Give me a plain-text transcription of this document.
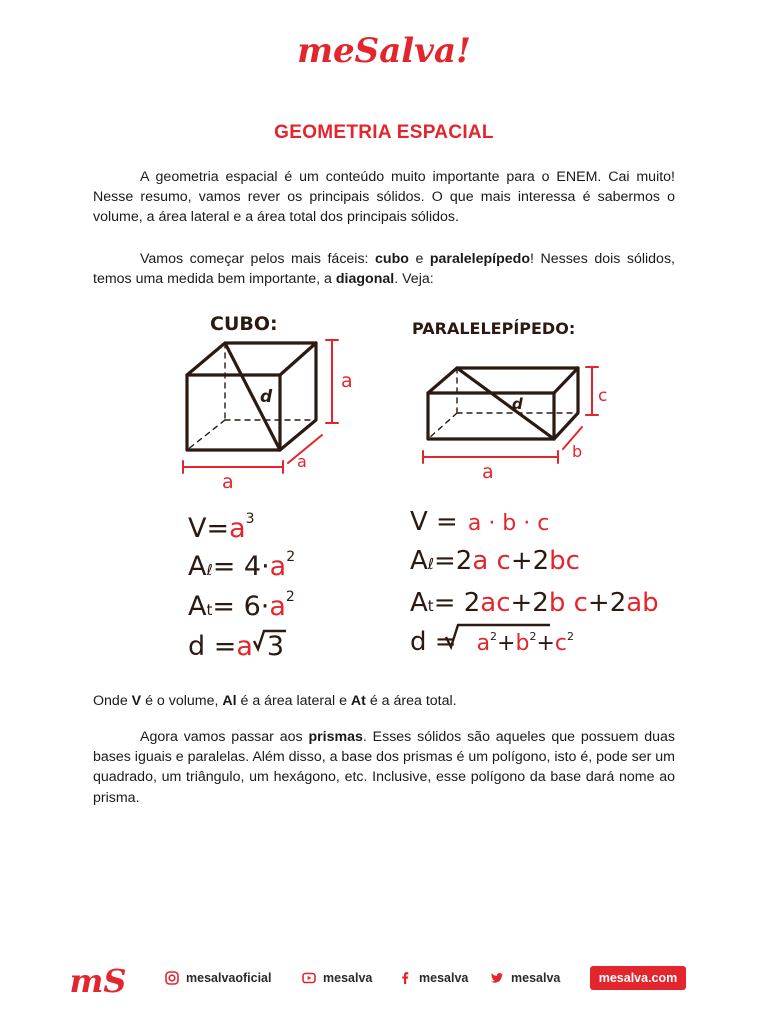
meSalva!
GEOMETRIA ESPACIAL

A geometria espacial é um conteúdo muito importante para o ENEM. Cai muito! Nesse resumo, vamos rever os principais sólidos. O que mais interessa é sabermos o volume, a área lateral e a área total dos principais sólidos.

Vamos começar pelos mais fáceis: cubo e paralelepípedo! Nesses dois sólidos, temos uma medida bem importante, a diagonal. Veja:

CUBO:	PARALELEPÍPEDO:
d
a
a
a
d	c
a
b
$V=a^3$
Aℓ= $4\cdot a^2$
$At= 6\cdot a^2$
d =a 3
V = a · b · c
Aℓ=2a c+2bc
At= 2ac+2b c+2ab
$d = a^2_+b^2_+c^2$

Onde V é o volume, Al é a área lateral e At é a área total.

Agora vamos passar aos prismas. Esses sólidos são aqueles que possuem duas bases iguais e paralelas. Além disso, a base dos prismas é um polígono, isto é, pode ser um quadrado, um triângulo, um hexágono, etc. Inclusive, esse polígono da base dará nome ao prisma.

mS	mesalvaoficial	mesalva	mesalva	mesalva	mesalva.com
